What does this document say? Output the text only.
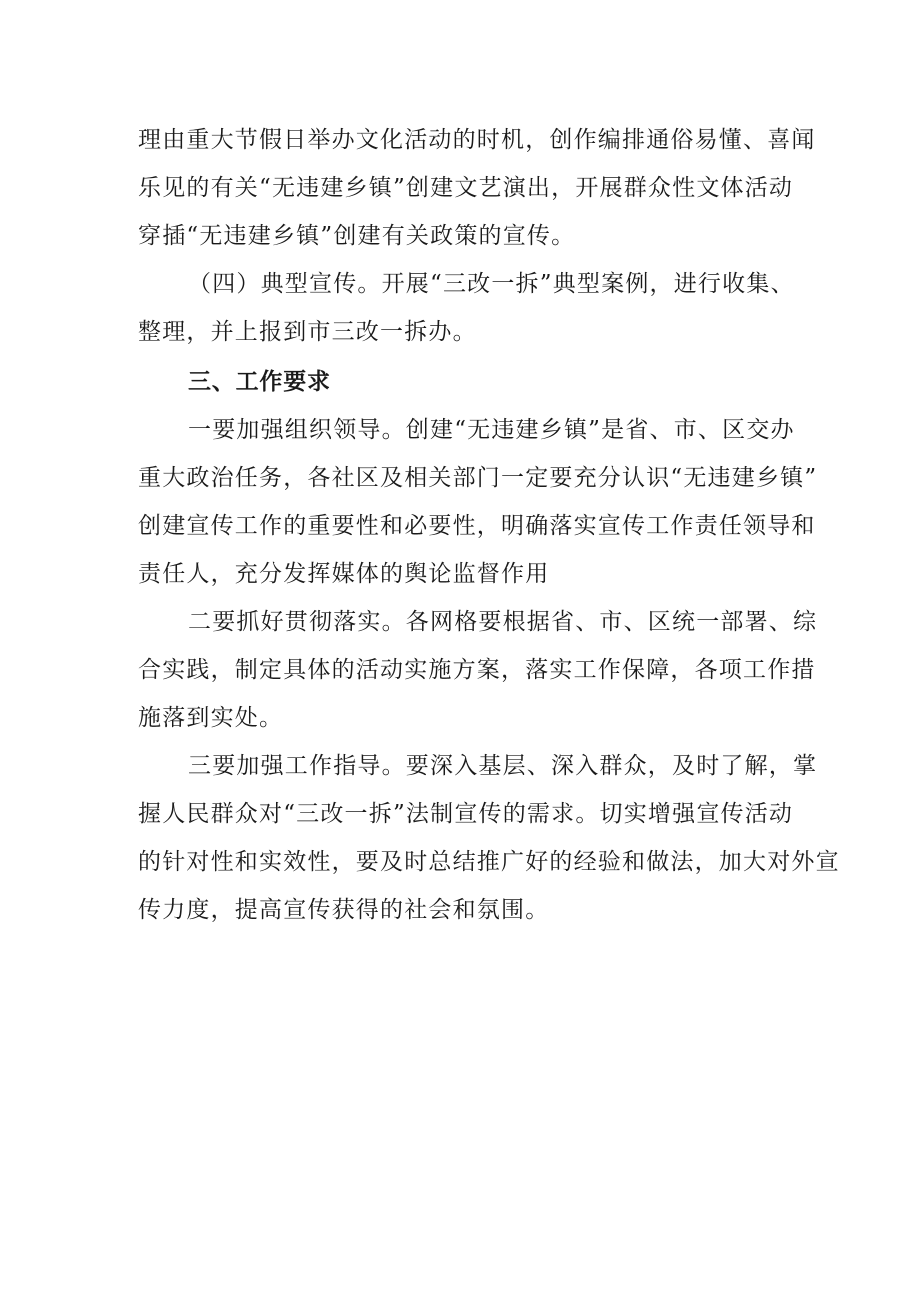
理由重大节假日举办文化活动的时机，创作编排通俗易懂、喜闻
乐见的有关“无违建乡镇”创建文艺演出，开展群众性文体活动
穿插“无违建乡镇”创建有关政策的宣传。
（四）典型宣传。开展“三改一拆”典型案例，进行收集、
整理，并上报到市三改一拆办。
三、工作要求
一要加强组织领导。创建“无违建乡镇”是省、市、区交办
重大政治任务，各社区及相关部门一定要充分认识“无违建乡镇”
创建宣传工作的重要性和必要性，明确落实宣传工作责任领导和
责任人，充分发挥媒体的舆论监督作用
二要抓好贯彻落实。各网格要根据省、市、区统一部署、综
合实践，制定具体的活动实施方案，落实工作保障，各项工作措
施落到实处。
三要加强工作指导。要深入基层、深入群众，及时了解，掌
握人民群众对“三改一拆”法制宣传的需求。切实增强宣传活动
的针对性和实效性，要及时总结推广好的经验和做法，加大对外宣
传力度，提高宣传获得的社会和氛围。
